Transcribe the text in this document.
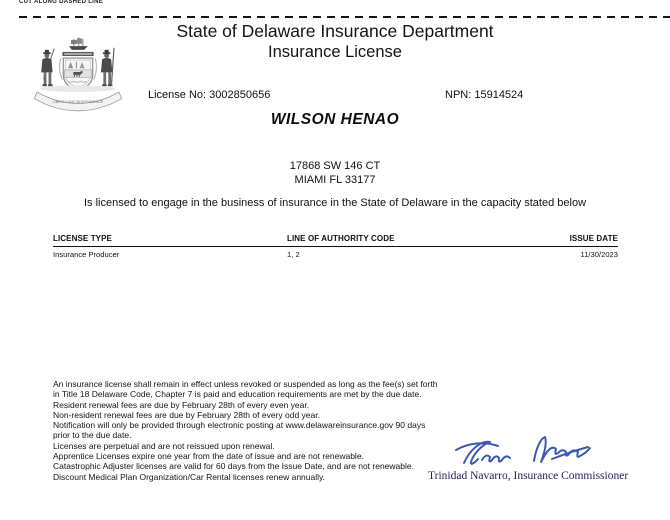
CUT ALONG DASHED LINE
State of Delaware Insurance Department
Insurance License
LIBERTY AND INDEPENDENCE
License No: 3002850656	NPN: 15914524
WILSON HENAO
17868 SW 146 CT
MIAMI FL 33177
Is licensed to engage in the business of insurance in the State of Delaware in the capacity stated below
LICENSE TYPE	LINE OF AUTHORITY CODE	ISSUE DATE
Insurance Producer	1, 2	11/30/2023
An insurance license shall remain in effect unless revoked or suspended as long as the fee(s) set forth in Title 18 Delaware Code, Chapter 7 is paid and education requirements are met by the due date.
Resident renewal fees are due by February 28th of every even year.
Non-resident renewal fees are due by February 28th of every odd year.
Notification will only be provided through electronic posting at www.delawareinsurance.gov 90 days prior to the due date.
Licenses are perpetual and are not reissued upon renewal.
Apprentice Licenses expire one year from the date of issue and are not renewable.
Catastrophic Adjuster licenses are valid for 60 days from the Issue Date, and are not renewable.
Discount Medical Plan Organization/Car Rental licenses renew annually.	Trinidad Navarro, Insurance Commissioner
